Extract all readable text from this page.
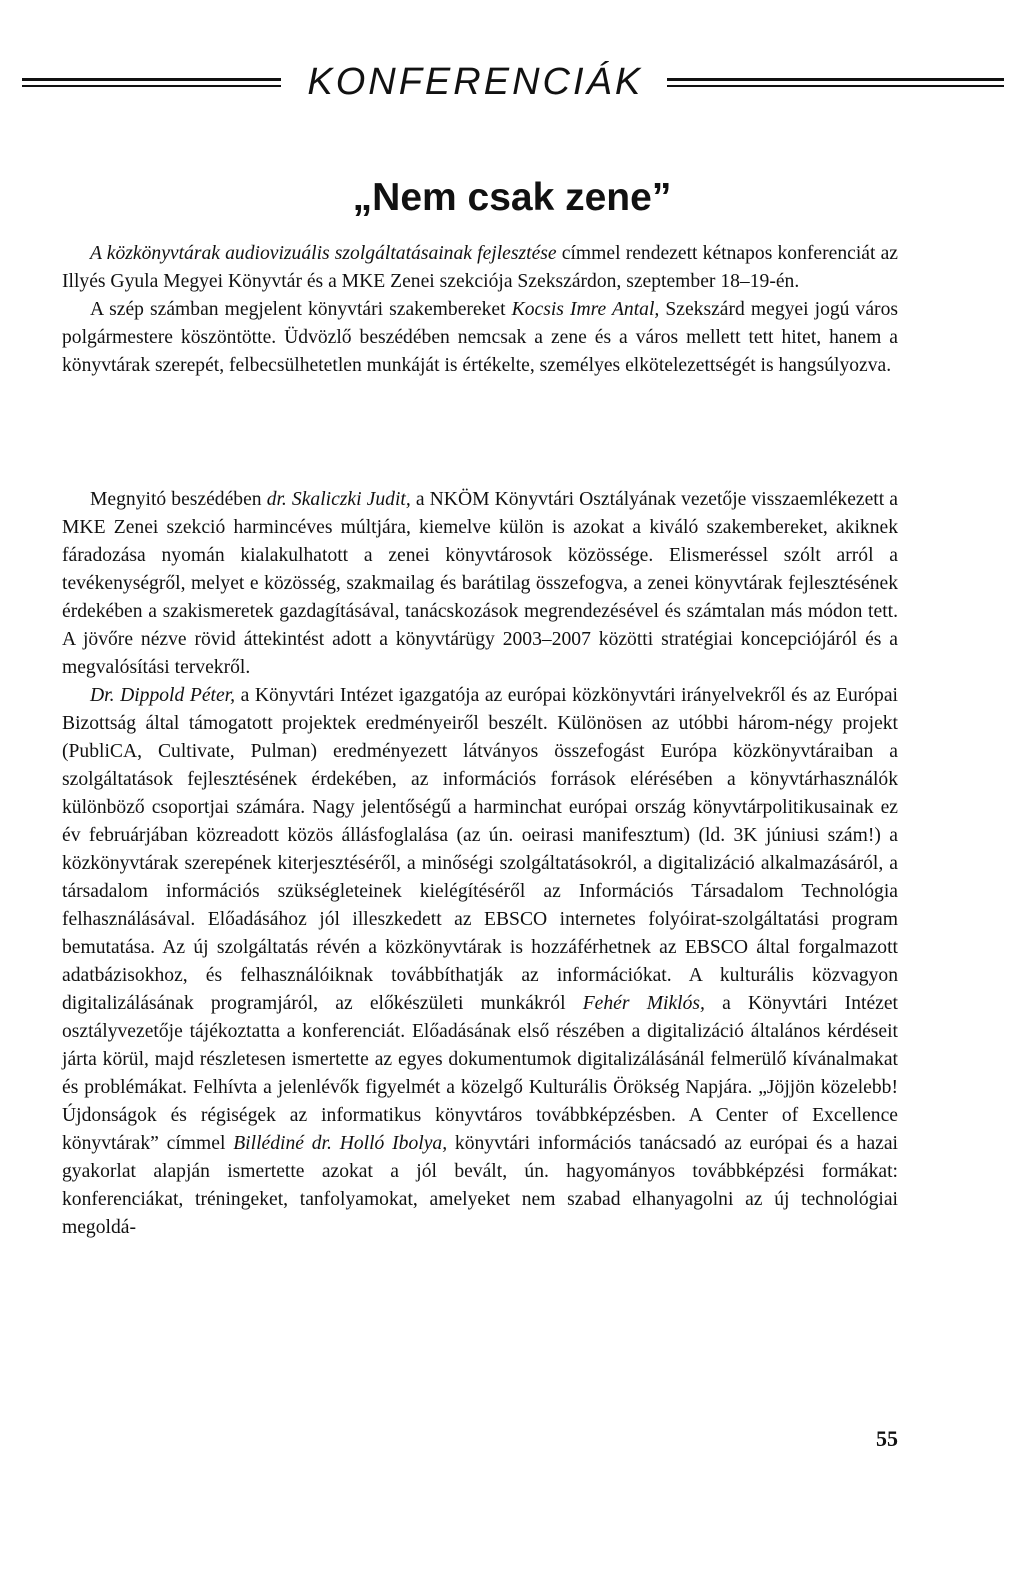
KONFERENCIÁK
„Nem csak zene”

A közkönyvtárak audiovizuális szolgáltatásainak fejlesztése címmel rendezett kétnapos konferenciát az Illyés Gyula Megyei Könyvtár és a MKE Zenei szekciója Szekszárdon, szeptember 18–19-én.

A szép számban megjelent könyvtári szakembereket Kocsis Imre Antal, Szekszárd megyei jogú város polgármestere köszöntötte. Üdvözlő beszédében nemcsak a zene és a város mellett tett hitet, hanem a könyvtárak szerepét, felbecsülhetetlen munkáját is értékelte, személyes elkötelezettségét is hangsúlyozva.

Megnyitó beszédében dr. Skaliczki Judit, a NKÖM Könyvtári Osztályának vezetője visszaemlékezett a MKE Zenei szekció harmincéves múltjára, kiemelve külön is azokat a kiváló szakembereket, akiknek fáradozása nyomán kialakulhatott a zenei könyvtárosok közössége. Elismeréssel szólt arról a tevékenységről, melyet e közösség, szakmailag és barátilag összefogva, a zenei könyvtárak fejlesztésének érdekében a szakismeretek gazdagításával, tanácskozások megrendezésével és számtalan más módon tett. A jövőre nézve rövid áttekintést adott a könyvtárügy 2003–2007 közötti stratégiai koncepciójáról és a megvalósítási tervekről.

Dr. Dippold Péter, a Könyvtári Intézet igazgatója az európai közkönyvtári irányelvekről és az Európai Bizottság által támogatott projektek eredményeiről beszélt. Különösen az utóbbi három-négy projekt (PubliCA, Cultivate, Pulman) eredményezett látványos összefogást Európa közkönyvtáraiban a szolgáltatások fejlesztésének érdekében, az információs források elérésében a könyvtárhasználók különböző csoportjai számára. Nagy jelentőségű a harminchat európai ország könyvtárpolitikusainak ez év februárjában közreadott közös állásfoglalása (az ún. oeirasi manifesztum) (ld. 3K júniusi szám!) a közkönyvtárak szerepének kiterjesztéséről, a minőségi szolgáltatásokról, a digitalizáció alkalmazásáról, a társadalom információs szükségleteinek kielégítéséről az Információs Társadalom Technológia felhasználásával. Előadásához jól illeszkedett az EBSCO internetes folyóirat-szolgáltatási program bemutatása. Az új szolgáltatás révén a közkönyvtárak is hozzáférhetnek az EBSCO által forgalmazott adatbázisokhoz, és felhasználóiknak továbbíthatják az információkat. A kulturális közvagyon digitalizálásának programjáról, az előkészületi munkákról Fehér Miklós, a Könyvtári Intézet osztályvezetője tájékoztatta a konferenciát. Előadásának első részében a digitalizáció általános kérdéseit járta körül, majd részletesen ismertette az egyes dokumentumok digitalizálásánál felmerülő kívánalmakat és problémákat. Felhívta a jelenlévők figyelmét a közelgő Kulturális Örökség Napjára. „Jöjjön közelebb! Újdonságok és régiségek az informatikus könyvtáros továbbképzésben. A Center of Excellence könyvtárak” címmel Billédiné dr. Holló Ibolya, könyvtári információs tanácsadó az európai és a hazai gyakorlat alapján ismertette azokat a jól bevált, ún. hagyományos továbbképzési formákat: konferenciákat, tréningeket, tanfolyamokat, amelyeket nem szabad elhanyagolni az új technológiai megoldá-

55
